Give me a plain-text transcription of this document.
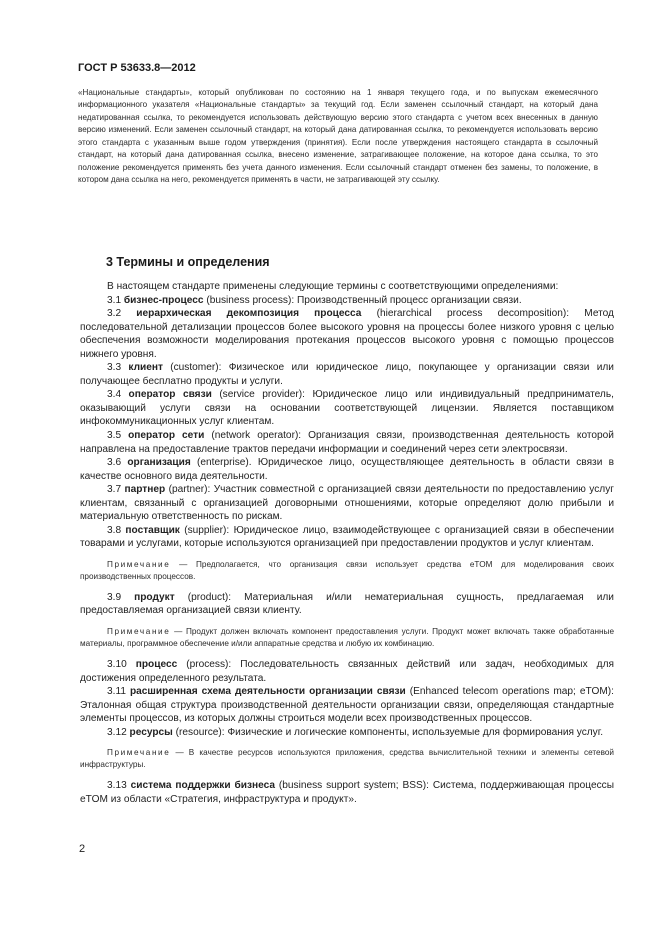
ГОСТ Р 53633.8—2012

«Национальные стандарты», который опубликован по состоянию на 1 января текущего года, и по выпускам ежемесячного информационного указателя «Национальные стандарты» за текущий год. Если заменен ссылочный стандарт, на который дана недатированная ссылка, то рекомендуется использовать действующую версию этого стандарта с учетом всех внесенных в данную версию изменений. Если заменен ссылочный стандарт, на который дана датированная ссылка, то рекомендуется использовать версию этого стандарта с указанным выше годом утверждения (принятия). Если после утверждения настоящего стандарта в ссылочный стандарт, на который дана датированная ссылка, внесено изменение, затрагивающее положение, на которое дана ссылка, то это положение рекомендуется применять без учета данного изменения. Если ссылочный стандарт отменен без замены, то положение, в котором дана ссылка на него, рекомендуется применять в части, не затрагивающей эту ссылку.

3 Термины и определения

В настоящем стандарте применены следующие термины с соответствующими определениями:

3.1 бизнес-процесс (business process): Производственный процесс организации связи.

3.2 иерархическая декомпозиция процесса (hierarchical process decomposition): Метод последовательной детализации процессов более высокого уровня на процессы более низкого уровня с целью обеспечения возможности моделирования протекания процессов высокого уровня с помощью процессов нижнего уровня.

3.3 клиент (customer): Физическое или юридическое лицо, покупающее у организации связи или получающее бесплатно продукты и услуги.

3.4 оператор связи (service provider): Юридическое лицо или индивидуальный предприниматель, оказывающий услуги связи на основании соответствующей лицензии. Является поставщиком инфокоммуникационных услуг клиентам.

3.5 оператор сети (network operator): Организация связи, производственная деятельность которой направлена на предоставление трактов передачи информации и соединений через сети электросвязи.

3.6 организация (enterprise). Юридическое лицо, осуществляющее деятельность в области связи в качестве основного вида деятельности.

3.7 партнер (partner): Участник совместной с организацией связи деятельности по предоставлению услуг клиентам, связанный с организацией договорными отношениями, которые определяют долю прибыли и материальную ответственность по рискам.

3.8 поставщик (supplier): Юридическое лицо, взаимодействующее с организацией связи в обеспечении товарами и услугами, которые используются организацией при предоставлении продуктов и услуг клиентам.

Примечание — Предполагается, что организация связи использует средства eTOM для моделирования своих производственных процессов.

3.9 продукт (product): Материальная и/или нематериальная сущность, предлагаемая или предоставляемая организацией связи клиенту.

Примечание — Продукт должен включать компонент предоставления услуги. Продукт может включать также обработанные материалы, программное обеспечение и/или аппаратные средства и любую их комбинацию.

3.10 процесс (process): Последовательность связанных действий или задач, необходимых для достижения определенного результата.

3.11 расширенная схема деятельности организации связи (Enhanced telecom operations map; eTOM): Эталонная общая структура производственной деятельности организации связи, определяющая стандартные элементы процессов, из которых должны строиться модели всех производственных процессов.

3.12 ресурсы (resource): Физические и логические компоненты, используемые для формирования услуг.

Примечание — В качестве ресурсов используются приложения, средства вычислительной техники и элементы сетевой инфраструктуры.

3.13 система поддержки бизнеса (business support system; BSS): Система, поддерживающая процессы eTOM из области «Стратегия, инфраструктура и продукт».

2
